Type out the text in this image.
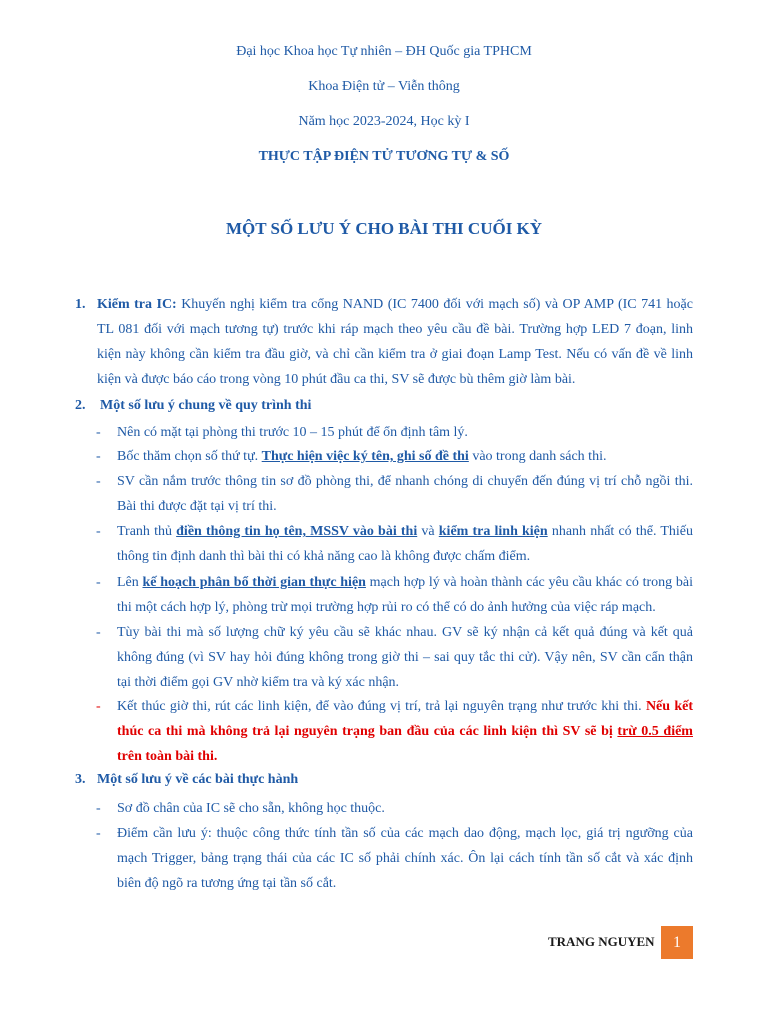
Đại học Khoa học Tự nhiên – ĐH Quốc gia TPHCM
Khoa Điện tử – Viễn thông
Năm học 2023-2024, Học kỳ I
THỰC TẬP ĐIỆN TỬ TƯƠNG TỰ & SỐ
MỘT SỐ LƯU Ý CHO BÀI THI CUỐI KỲ
1. Kiểm tra IC: Khuyến nghị kiểm tra cổng NAND (IC 7400 đối với mạch số) và OP AMP (IC 741 hoặc TL 081 đối với mạch tương tự) trước khi ráp mạch theo yêu cầu đề bài. Trường hợp LED 7 đoạn, linh kiện này không cần kiểm tra đầu giờ, và chỉ cần kiểm tra ở giai đoạn Lamp Test. Nếu có vấn đề về linh kiện và được báo cáo trong vòng 10 phút đầu ca thi, SV sẽ được bù thêm giờ làm bài.
2. Một số lưu ý chung về quy trình thi
- Nên có mặt tại phòng thi trước 10 – 15 phút để ổn định tâm lý.
- Bốc thăm chọn số thứ tự. Thực hiện việc ký tên, ghi số đề thi vào trong danh sách thi.
- SV cần nắm trước thông tin sơ đồ phòng thi, để nhanh chóng di chuyển đến đúng vị trí chỗ ngồi thi. Bài thi được đặt tại vị trí thi.
- Tranh thủ điền thông tin họ tên, MSSV vào bài thi và kiểm tra linh kiện nhanh nhất có thể. Thiếu thông tin định danh thì bài thi có khả năng cao là không được chấm điểm.
- Lên kế hoạch phân bổ thời gian thực hiện mạch hợp lý và hoàn thành các yêu cầu khác có trong bài thi một cách hợp lý, phòng trừ mọi trường hợp rủi ro có thể có do ảnh hưởng của việc ráp mạch.
- Tùy bài thi mà số lượng chữ ký yêu cầu sẽ khác nhau. GV sẽ ký nhận cả kết quả đúng và kết quả không đúng (vì SV hay hỏi đúng không trong giờ thi – sai quy tắc thi cử). Vậy nên, SV cần cẩn thận tại thời điểm gọi GV nhờ kiểm tra và ký xác nhận.
- Kết thúc giờ thi, rút các linh kiện, để vào đúng vị trí, trả lại nguyên trạng như trước khi thi. Nếu kết thúc ca thi mà không trả lại nguyên trạng ban đầu của các linh kiện thì SV sẽ bị trừ 0.5 điểm trên toàn bài thi.
3. Một số lưu ý về các bài thực hành
- Sơ đồ chân của IC sẽ cho sẵn, không học thuộc.
- Điểm cần lưu ý: thuộc công thức tính tần số của các mạch dao động, mạch lọc, giá trị ngưỡng của mạch Trigger, bảng trạng thái của các IC số phải chính xác. Ôn lại cách tính tần số cắt và xác định biên độ ngõ ra tương ứng tại tần số cắt.
TRANG NGUYEN	1
